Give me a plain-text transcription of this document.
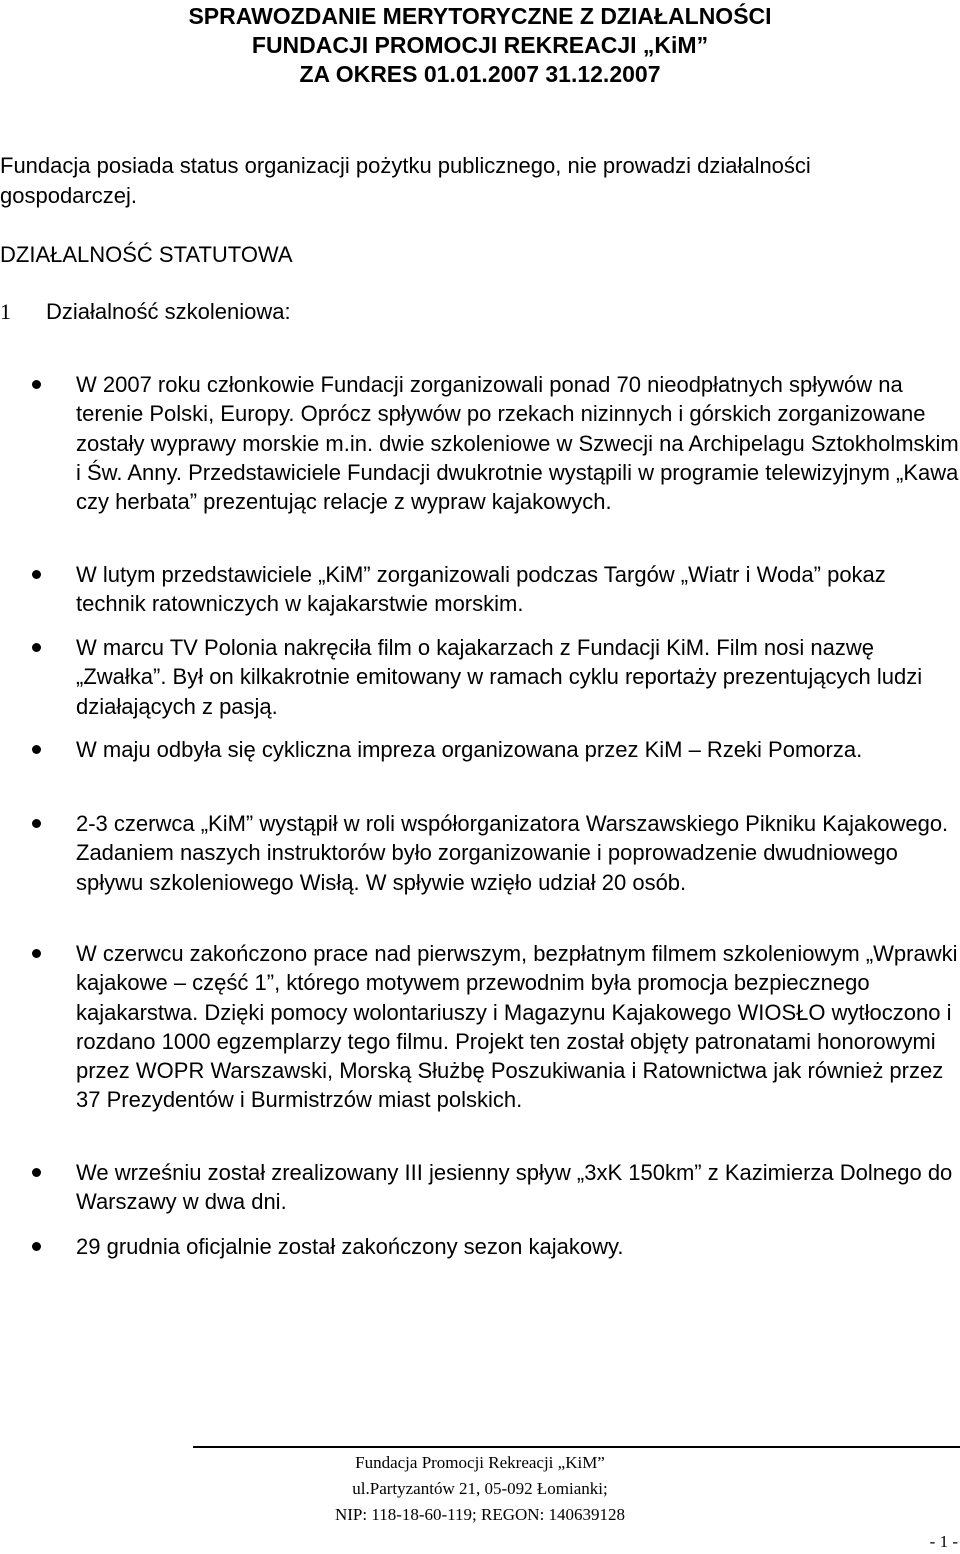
SPRAWOZDANIE MERYTORYCZNE Z DZIAŁALNOŚCI
FUNDACJI PROMOCJI REKREACJI „KiM”
ZA OKRES 01.01.2007 31.12.2007

Fundacja posiada status organizacji pożytku publicznego, nie prowadzi działalności gospodarczej.

DZIAŁALNOŚĆ STATUTOWA

1 Działalność szkoleniowa:

W 2007 roku członkowie Fundacji zorganizowali ponad 70 nieodpłatnych spływów na terenie Polski, Europy. Oprócz spływów po rzekach nizinnych i górskich zorganizowane zostały wyprawy morskie m.in. dwie szkoleniowe w Szwecji na Archipelagu Sztokholmskim i Św. Anny. Przedstawiciele Fundacji dwukrotnie wystąpili w programie telewizyjnym „Kawa czy herbata” prezentując relacje z wypraw kajakowych.
W lutym przedstawiciele „KiM” zorganizowali podczas Targów „Wiatr i Woda” pokaz technik ratowniczych w kajakarstwie morskim.
W marcu TV Polonia nakręciła film o kajakarzach z Fundacji KiM. Film nosi nazwę „Zwałka”. Był on kilkakrotnie emitowany w ramach cyklu reportaży prezentujących ludzi działających z pasją.
W maju odbyła się cykliczna impreza organizowana przez KiM – Rzeki Pomorza.
2-3 czerwca „KiM” wystąpił w roli współorganizatora Warszawskiego Pikniku Kajakowego. Zadaniem naszych instruktorów było zorganizowanie i poprowadzenie dwudniowego spływu szkoleniowego Wisłą. W spływie wzięło udział 20 osób.
W czerwcu zakończono prace nad pierwszym, bezpłatnym filmem szkoleniowym „Wprawki kajakowe – część 1”, którego motywem przewodnim była promocja bezpiecznego kajakarstwa. Dzięki pomocy wolontariuszy i Magazynu Kajakowego WIOSŁO wytłoczono i rozdano 1000 egzemplarzy tego filmu. Projekt ten został objęty patronatami honorowymi przez WOPR Warszawski, Morską Służbę Poszukiwania i Ratownictwa jak również przez 37 Prezydentów i Burmistrzów miast polskich.
We wrześniu został zrealizowany III jesienny spływ „3xK 150km” z Kazimierza Dolnego do Warszawy w dwa dni.
29 grudnia oficjalnie został zakończony sezon kajakowy.
Fundacja Promocji Rekreacji „KiM”
ul.Partyzantów 21, 05-092 Łomianki;
NIP: 118-18-60-119; REGON: 140639128
- 1 -
